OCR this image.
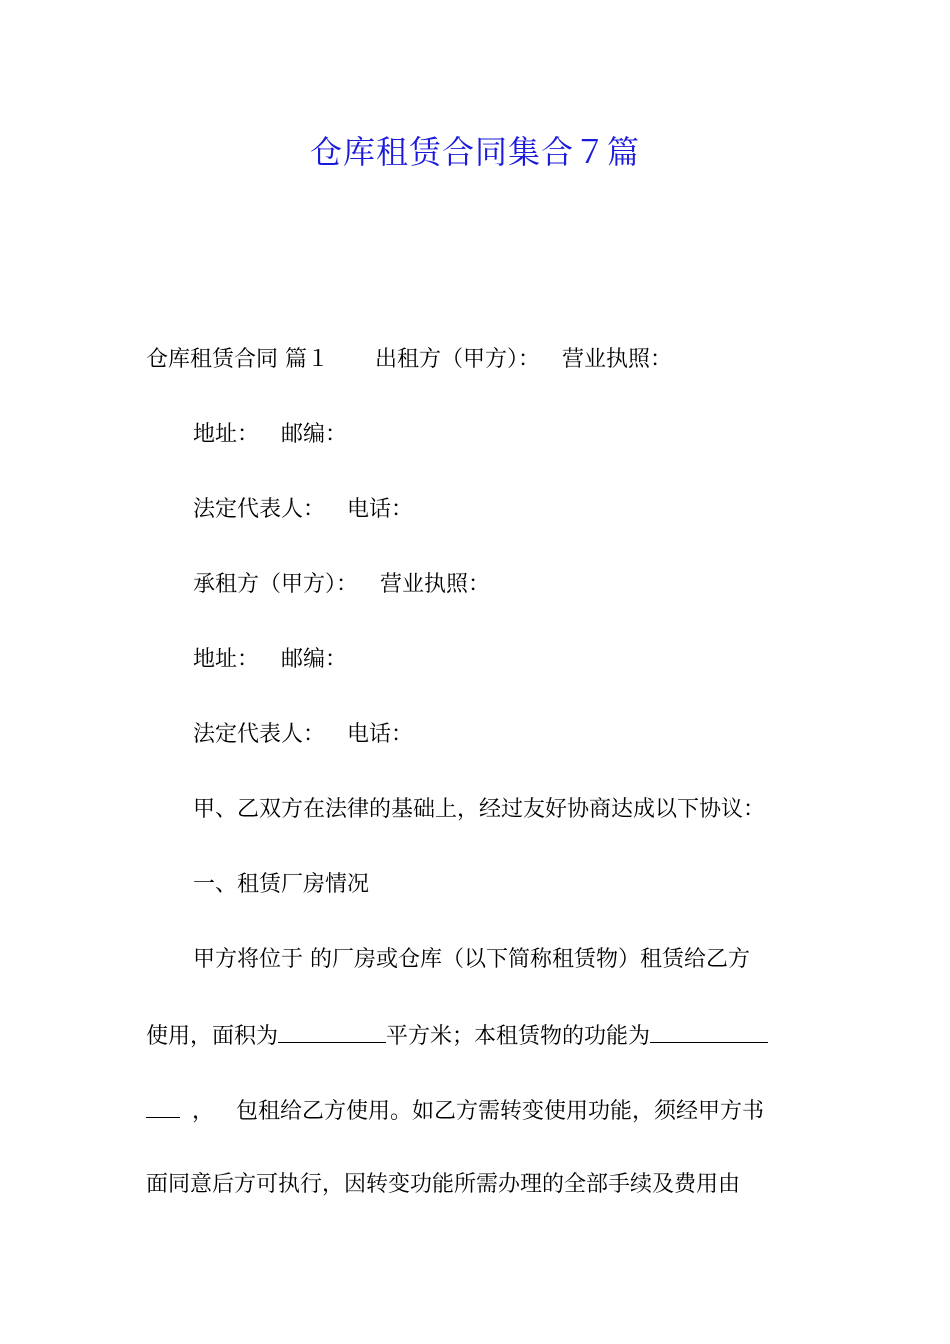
仓库租赁合同集合７篇
仓库租赁合同 篇１ 出租方（甲方）： 营业执照：
地址： 邮编：
法定代表人： 电话：
承租方（甲方）： 营业执照：
地址： 邮编：
法定代表人： 电话：
甲、乙双方在法律的基础上，经过友好协商达成以下协议：
一、租赁厂房情况
甲方将位于 的厂房或仓库（以下简称租赁物）租赁给乙方
使用，面积为	平方米；本租赁物的功能为
， 包租给乙方使用。如乙方需转变使用功能，须经甲方书
面同意后方可执行，因转变功能所需办理的全部手续及费用由
